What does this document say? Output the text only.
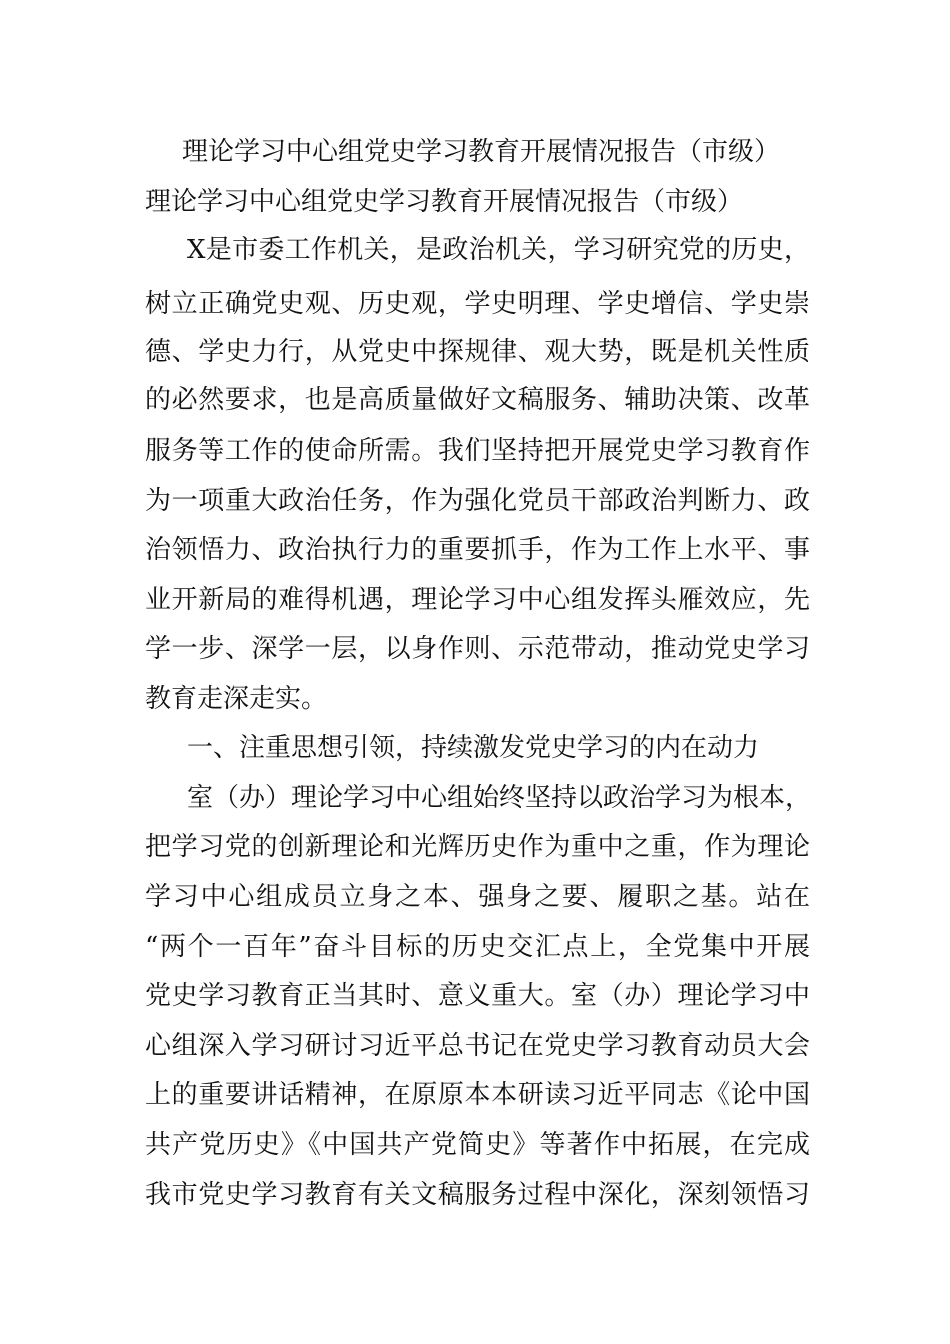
理论学习中心组党史学习教育开展情况报告（市级）
理论学习中心组党史学习教育开展情况报告（市级）
X是市委工作机关，是政治机关，学习研究党的历史，
树立正确党史观、历史观，学史明理、学史增信、学史崇
德、学史力行，从党史中探规律、观大势，既是机关性质
的必然要求，也是高质量做好文稿服务、辅助决策、改革
服务等工作的使命所需。我们坚持把开展党史学习教育作
为一项重大政治任务，作为强化党员干部政治判断力、政
治领悟力、政治执行力的重要抓手，作为工作上水平、事
业开新局的难得机遇，理论学习中心组发挥头雁效应，先
学一步、深学一层，以身作则、示范带动，推动党史学习
教育走深走实。
一、注重思想引领，持续激发党史学习的内在动力
室（办）理论学习中心组始终坚持以政治学习为根本，
把学习党的创新理论和光辉历史作为重中之重，作为理论
学习中心组成员立身之本、强身之要、履职之基。站在
“两个一百年”奋斗目标的历史交汇点上，全党集中开展
党史学习教育正当其时、意义重大。室（办）理论学习中
心组深入学习研讨习近平总书记在党史学习教育动员大会
上的重要讲话精神，在原原本本研读习近平同志《论中国
共产党历史》《中国共产党简史》等著作中拓展，在完成
我市党史学习教育有关文稿服务过程中深化，深刻领悟习
